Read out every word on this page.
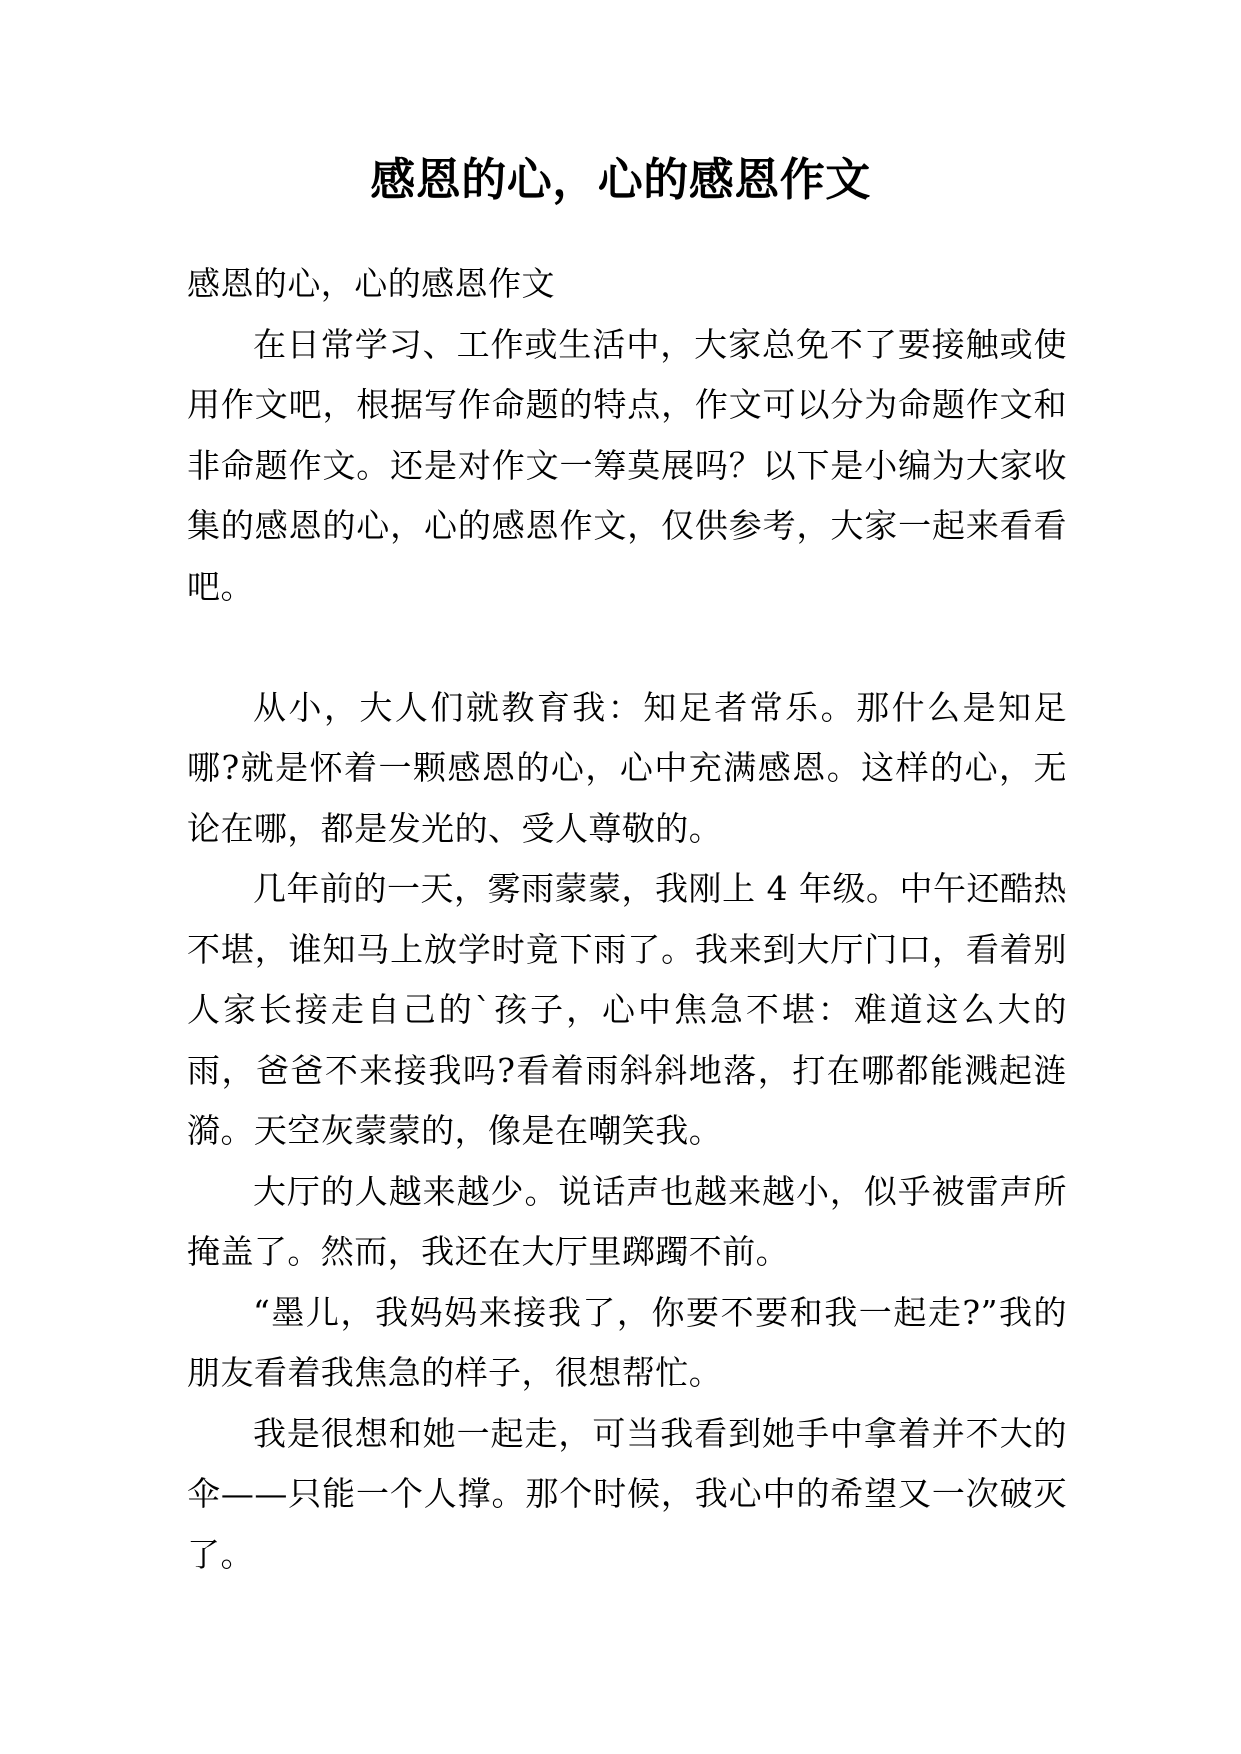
感恩的心，心的感恩作文

感恩的心，心的感恩作文

在日常学习、工作或生活中，大家总免不了要接触或使用作文吧，根据写作命题的特点，作文可以分为命题作文和非命题作文。还是对作文一筹莫展吗？以下是小编为大家收集的感恩的心，心的感恩作文，仅供参考，大家一起来看看吧。

从小，大人们就教育我：知足者常乐。那什么是知足哪?就是怀着一颗感恩的心，心中充满感恩。这样的心，无论在哪，都是发光的、受人尊敬的。

几年前的一天，雾雨蒙蒙，我刚上 4 年级。中午还酷热不堪，谁知马上放学时竟下雨了。我来到大厅门口，看着别人家长接走自己的`孩子，心中焦急不堪：难道这么大的雨，爸爸不来接我吗?看着雨斜斜地落，打在哪都能溅起涟漪。天空灰蒙蒙的，像是在嘲笑我。

大厅的人越来越少。说话声也越来越小，似乎被雷声所掩盖了。然而，我还在大厅里踯躅不前。

“墨儿，我妈妈来接我了，你要不要和我一起走?”我的朋友看着我焦急的样子，很想帮忙。

我是很想和她一起走，可当我看到她手中拿着并不大的伞——只能一个人撑。那个时候，我心中的希望又一次破灭了。
